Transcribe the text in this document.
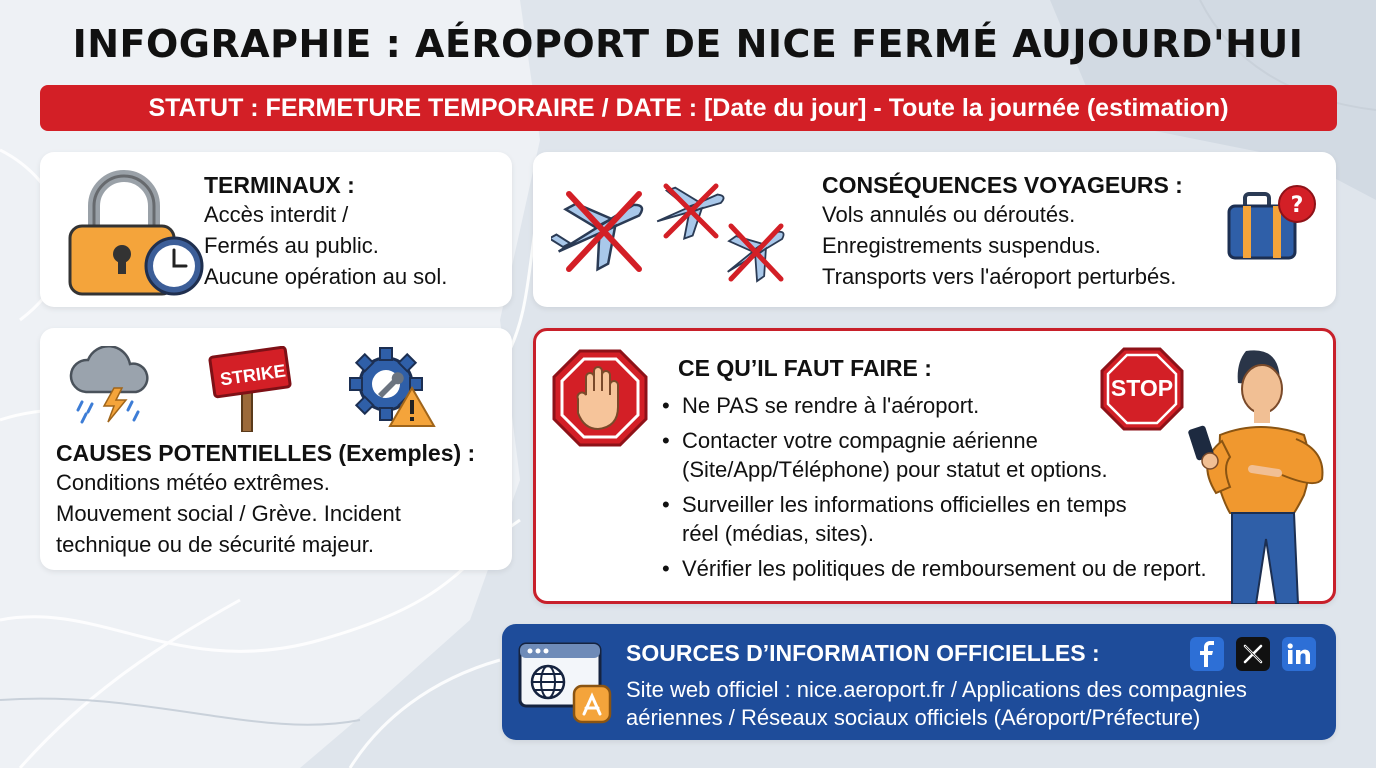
INFOGRAPHIE : AÉROPORT DE NICE FERMÉ AUJOURD'HUI
STATUT : FERMETURE TEMPORAIRE / DATE : [Date du jour] - Toute la journée (estimation)
TERMINAUX :

Accès interdit /

Fermés au public.

Aucune opération au sol.

CONSÉQUENCES VOYAGEURS :

Vols annulés ou déroutés.

Enregistrements suspendus.

Transports vers l'aéroport perturbés.

?
STRIKE
CAUSES POTENTIELLES (Exemples) :

Conditions météo extrêmes.

Mouvement social / Grève. Incident

technique ou de sécurité majeur.

CE QU’IL FAUT FAIRE :
• Ne PAS se rendre à l'aéroport.
• Contacter votre compagnie aérienne
(Site/App/Téléphone) pour statut et options.
• Surveiller les informations officielles en temps
réel (médias, sites).
• Vérifier les politiques de remboursement ou de report.
STOP
SOURCES D’INFORMATION OFFICIELLES :

Site web officiel : nice.aeroport.fr / Applications des compagnies

aériennes / Réseaux sociaux officiels (Aéroport/Préfecture)
